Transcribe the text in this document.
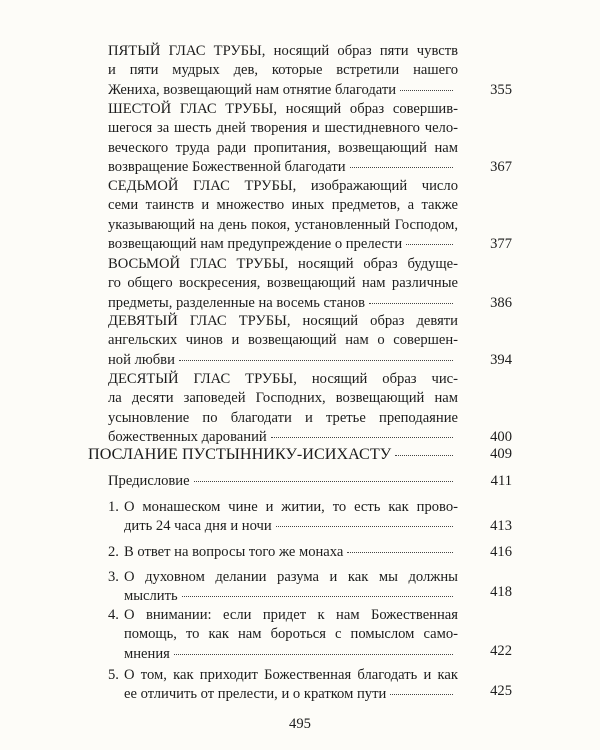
ПЯТЫЙ ГЛАС ТРУБЫ, носящий образ пяти чувств
и пяти мудрых дев, которые встретили нашего
Жениха, возвещающий нам отнятие благодати	355
ШЕСТОЙ ГЛАС ТРУБЫ, носящий образ совершив-
шегося за шесть дней творения и шестидневного чело-
веческого труда ради пропитания, возвещающий нам
возвращение Божественной благодати	367
СЕДЬМОЙ ГЛАС ТРУБЫ, изображающий число
семи таинств и множество иных предметов, а также
указывающий на день покоя, установленный Господом,
возвещающий нам предупреждение о прелести	377
ВОСЬМОЙ ГЛАС ТРУБЫ, носящий образ будуще-
го общего воскресения, возвещающий нам различные
предметы, разделенные на восемь станов	386
ДЕВЯТЫЙ ГЛАС ТРУБЫ, носящий образ девяти
ангельских чинов и возвещающий нам о совершен-
ной любви	394
ДЕСЯТЫЙ ГЛАС ТРУБЫ, носящий образ чис-
ла десяти заповедей Господних, возвещающий нам
усыновление по благодати и третье преподаяние
божественных дарований	400
ПОСЛАНИЕ ПУСТЫННИКУ-ИСИХАСТУ	409
Предисловие	411
1. О монашеском чине и житии, то есть как прово-
дить 24 часа дня и ночи	413
2. В ответ на вопросы того же монаха	416
3. О духовном делании разума и как мы должны
мыслить	418
4. О внимании: если придет к нам Божественная
помощь, то как нам бороться с помыслом само-
мнения	422
5. О том, как приходит Божественная благодать и как
ее отличить от прелести, и о кратком пути	425
495
